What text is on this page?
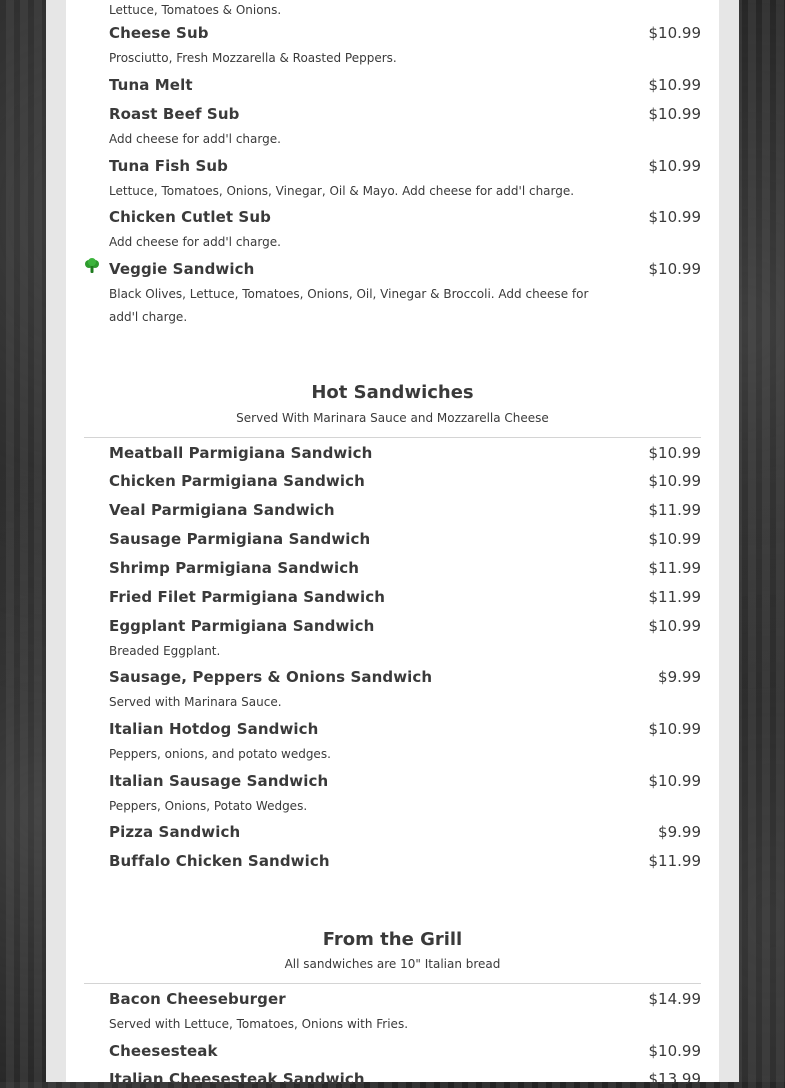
Lettuce, Tomatoes & Onions.
Cheese Sub	$10.99
Prosciutto, Fresh Mozzarella & Roasted Peppers.
Tuna Melt	$10.99
Roast Beef Sub	$10.99
Add cheese for add'l charge.
Tuna Fish Sub	$10.99
Lettuce, Tomatoes, Onions, Vinegar, Oil & Mayo. Add cheese for add'l charge.
Chicken Cutlet Sub	$10.99
Add cheese for add'l charge.
Veggie Sandwich	$10.99
Black Olives, Lettuce, Tomatoes, Onions, Oil, Vinegar & Broccoli. Add cheese for add'l charge.
Hot Sandwiches
Served With Marinara Sauce and Mozzarella Cheese
Meatball Parmigiana Sandwich	$10.99
Chicken Parmigiana Sandwich	$10.99
Veal Parmigiana Sandwich	$11.99
Sausage Parmigiana Sandwich	$10.99
Shrimp Parmigiana Sandwich	$11.99
Fried Filet Parmigiana Sandwich	$11.99
Eggplant Parmigiana Sandwich	$10.99
Breaded Eggplant.
Sausage, Peppers & Onions Sandwich	$9.99
Served with Marinara Sauce.
Italian Hotdog Sandwich	$10.99
Peppers, onions, and potato wedges.
Italian Sausage Sandwich	$10.99
Peppers, Onions, Potato Wedges.
Pizza Sandwich	$9.99
Buffalo Chicken Sandwich	$11.99
From the Grill
All sandwiches are 10" Italian bread
Bacon Cheeseburger	$14.99
Served with Lettuce, Tomatoes, Onions with Fries.
Cheesesteak	$10.99
Italian Cheesesteak Sandwich	$13.99
